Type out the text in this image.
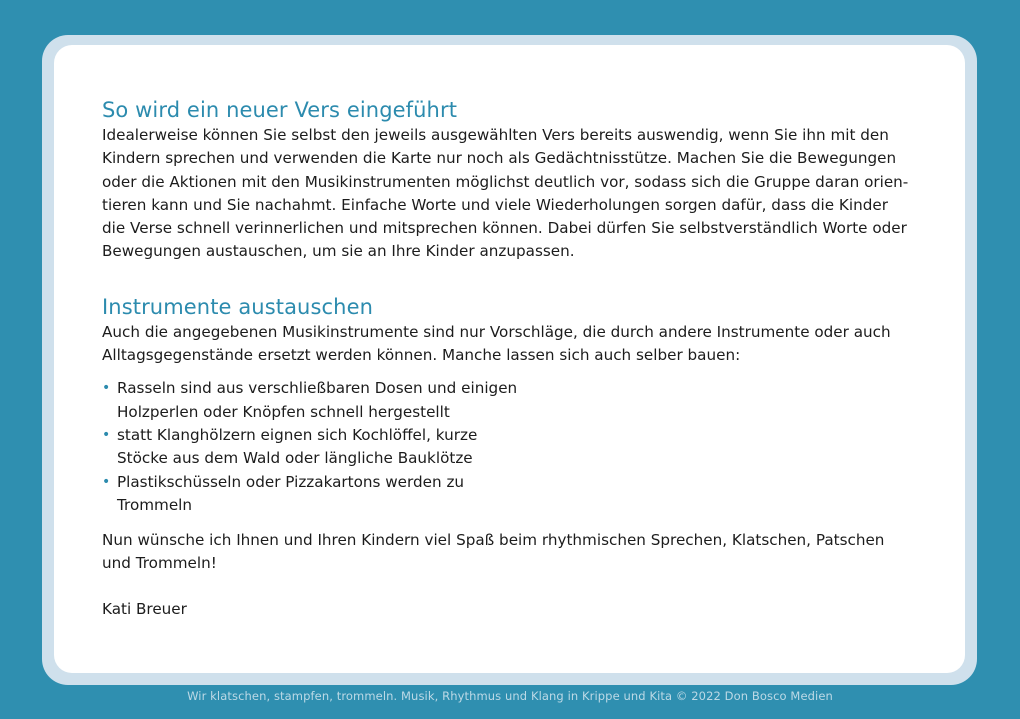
So wird ein neuer Vers eingeführt

Idealerweise können Sie selbst den jeweils ausgewählten Vers bereits auswendig, wenn Sie ihn mit den
Kindern sprechen und verwenden die Karte nur noch als Gedächtnisstütze. Machen Sie die Bewegungen
oder die Aktionen mit den Musikinstrumenten möglichst deutlich vor, sodass sich die Gruppe daran orien-
tieren kann und Sie nachahmt. Einfache Worte und viele Wiederholungen sorgen dafür, dass die Kinder
die Verse schnell verinnerlichen und mitsprechen können. Dabei dürfen Sie selbstverständlich Worte oder
Bewegungen austauschen, um sie an Ihre Kinder anzupassen.

Instrumente austauschen

Auch die angegebenen Musikinstrumente sind nur Vorschläge, die durch andere Instrumente oder auch
Alltagsgegenstände ersetzt werden können. Manche lassen sich auch selber bauen:

• Rasseln sind aus verschließbaren Dosen und einigen
Holzperlen oder Knöpfen schnell hergestellt
• statt Klanghölzern eignen sich Kochlöffel, kurze
Stöcke aus dem Wald oder längliche Bauklötze
• Plastikschüsseln oder Pizzakartons werden zu
Trommeln

Nun wünsche ich Ihnen und Ihren Kindern viel Spaß beim rhythmischen Sprechen, Klatschen, Patschen
und Trommeln!

Kati Breuer

Wir klatschen, stampfen, trommeln. Musik, Rhythmus und Klang in Krippe und Kita © 2022 Don Bosco Medien
